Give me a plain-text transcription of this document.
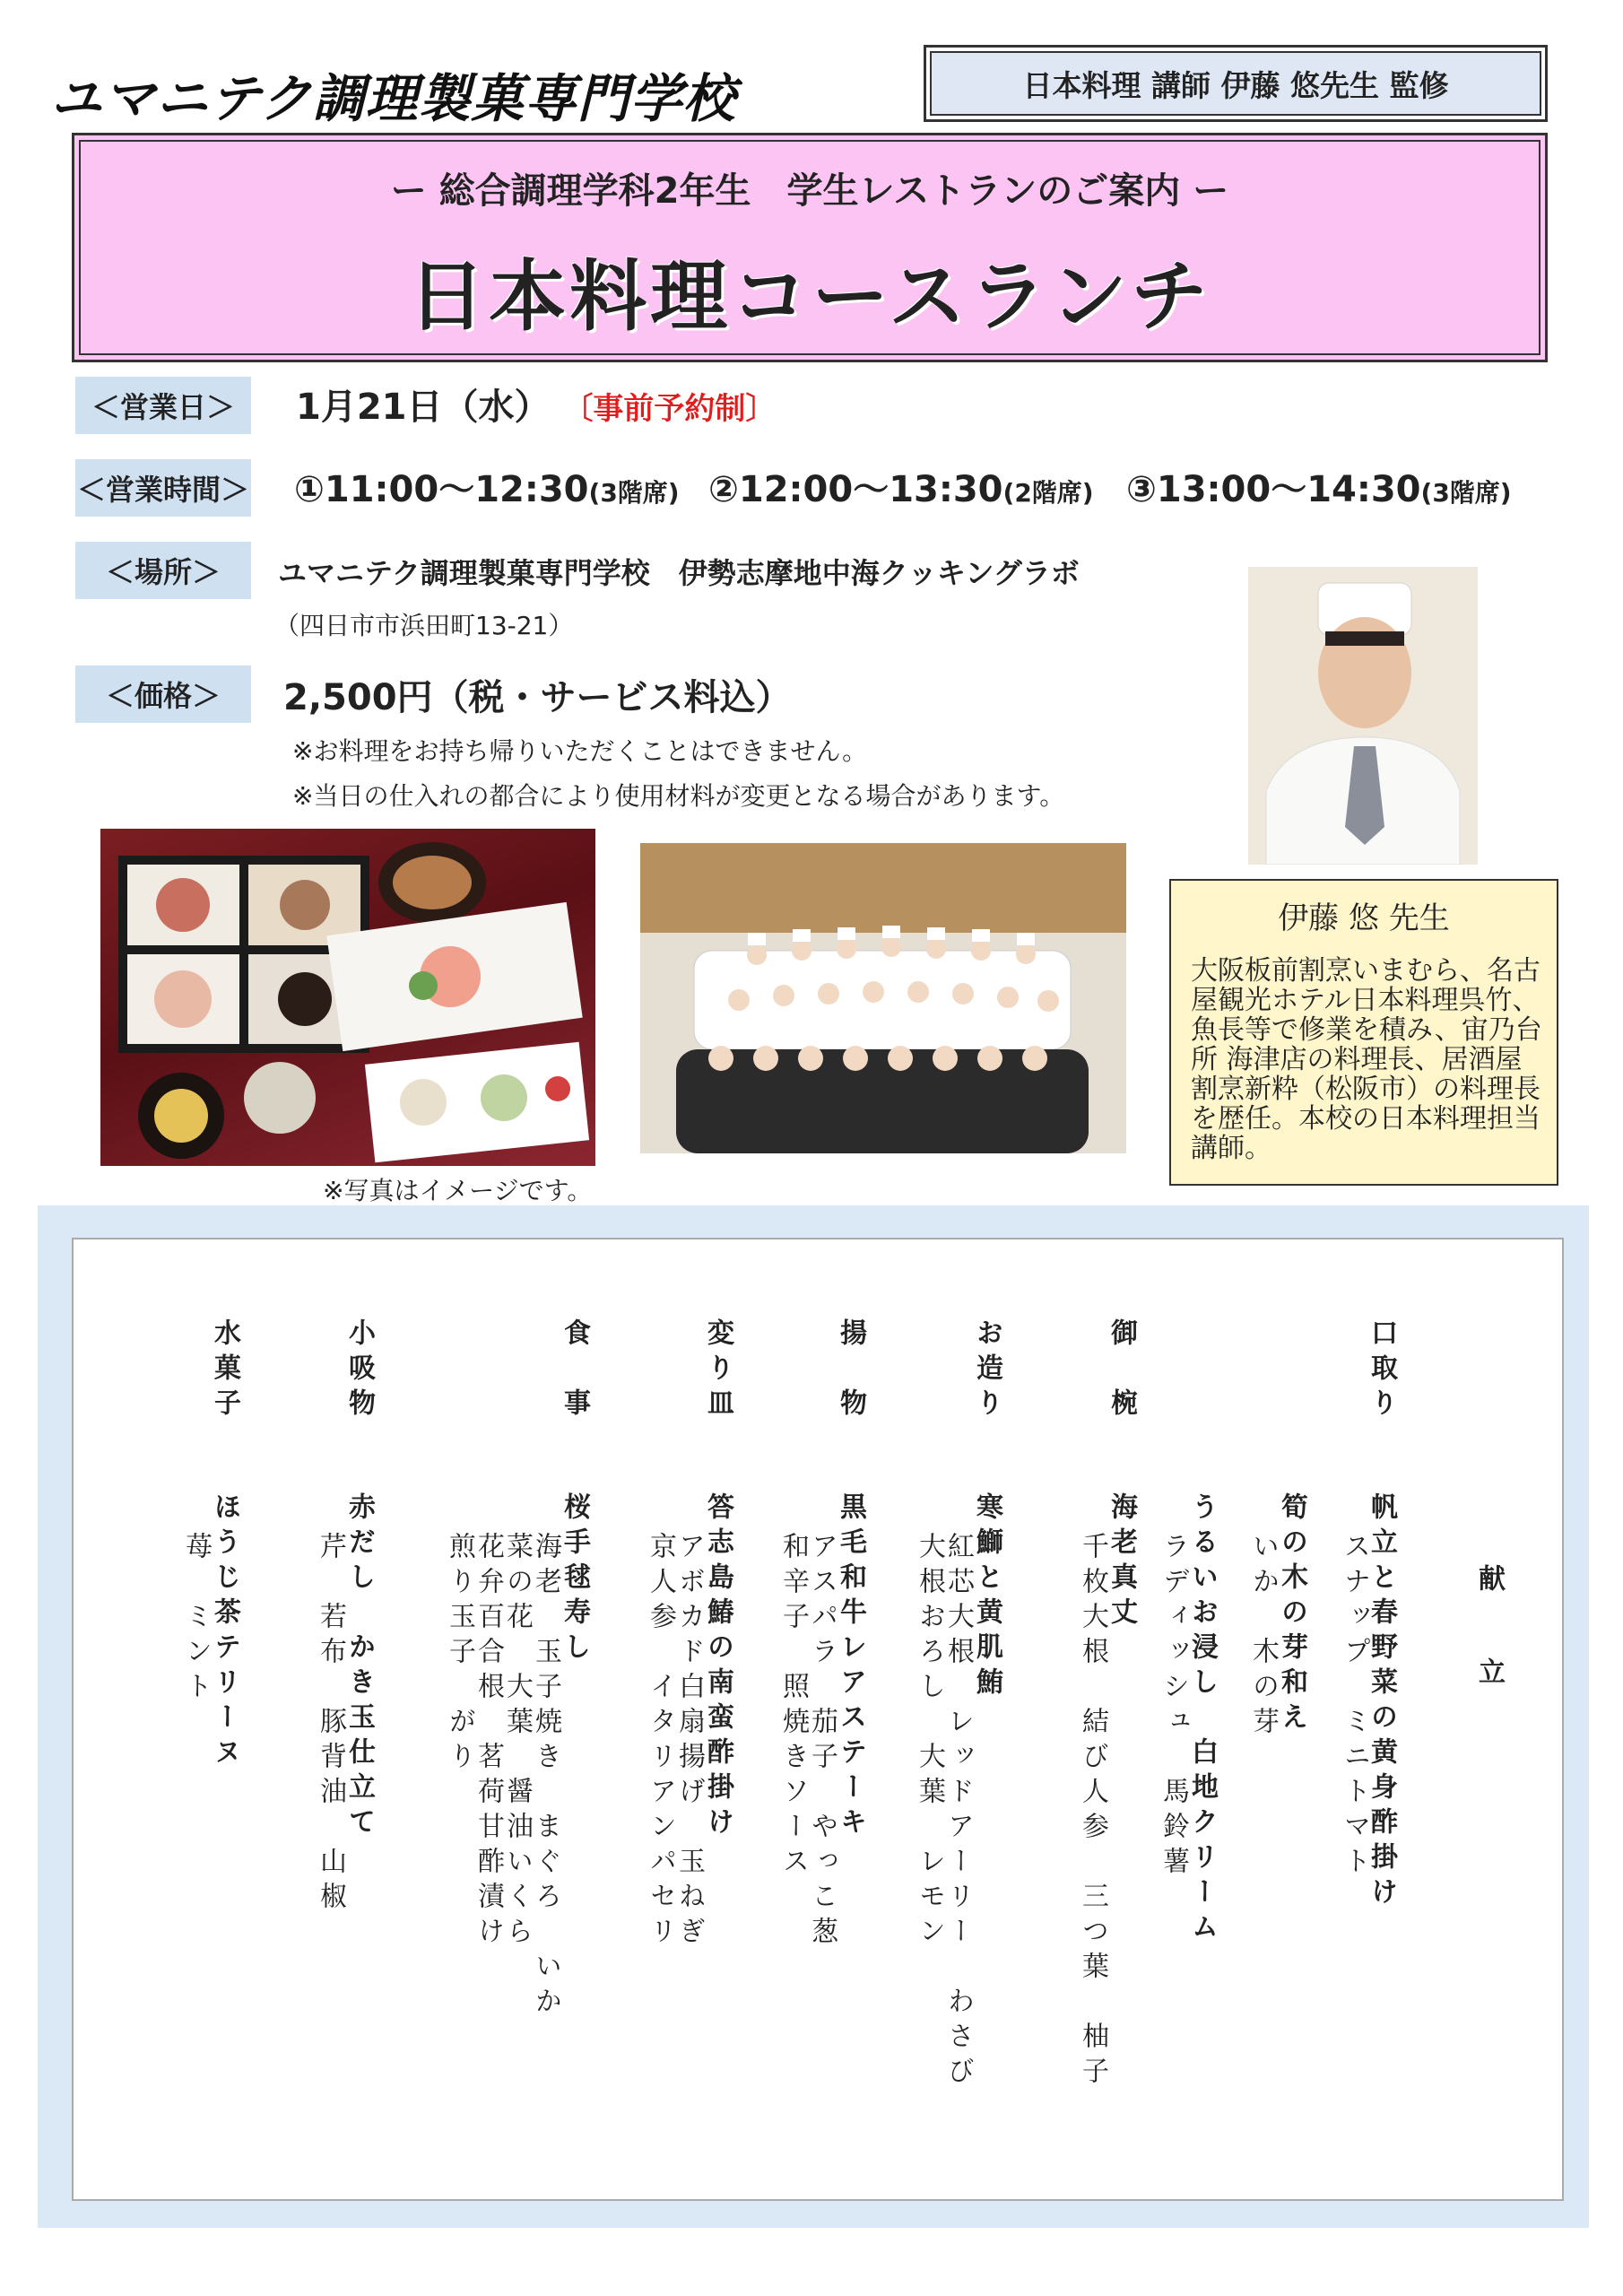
ユマニテク調理製菓専門学校	日本料理 講師 伊藤 悠先生 監修
ー 総合調理学科2年生　学生レストランのご案内 ー
日本料理コースランチ
＜営業日＞	1月21日（水） 〔事前予約制〕
＜営業時間＞ ①11:00～12:30(3階席) ②12:00～13:30(2階席) ③13:00～14:30(3階席)
＜場所＞	ユマニテク調理製菓専門学校　伊勢志摩地中海クッキングラボ
（四日市市浜田町13-21）
＜価格＞	2,500円（税・サービス料込）
※お料理をお持ち帰りいただくことはできません。
※当日の仕入れの都合により使用材料が変更となる場合があります。
※写真はイメージです。
伊藤 悠 先生
大阪板前割烹いまむら、名古屋観光ホテル日本料理呉竹、魚長等で修業を積み、宙乃台所 海津店の料理長、居酒屋割烹新粋（松阪市）の料理長を歴任。本校の日本料理担当講師。
献　立
帆立と春野菜の黄身酢掛け
スナップ　ミニトマト
口取り
筍の木の芽和え
いか　木の芽
うるいお浸し　白地クリーム
ラディッシュ　馬鈴薯
御　椀
海老真丈
千枚大根　結び人参　三つ葉　柚子
お造り
寒鰤と黄肌鮪
紅芯大根　レッドアーリー　わさび
大根おろし　大葉　レモン
揚　物
黒毛和牛レアステーキ
アスパラ　茄子　やっこ葱
和辛子　照焼きソース
変り皿
答志島鰆の南蛮酢掛け
アボカド白扇揚げ　玉ねぎ
京人参　イタリアンパセリ
食　事
桜手毬寿し
海老　玉子焼き　まぐろ　いか
菜の花　大葉　醤油いくら
花弁百合根　茗荷甘酢漬け
煎り玉子　がり
小吸物
赤だし　かき玉仕立て
芹　若布　豚背油　山椒
水菓子
ほうじ茶テリーヌ
苺　ミント
